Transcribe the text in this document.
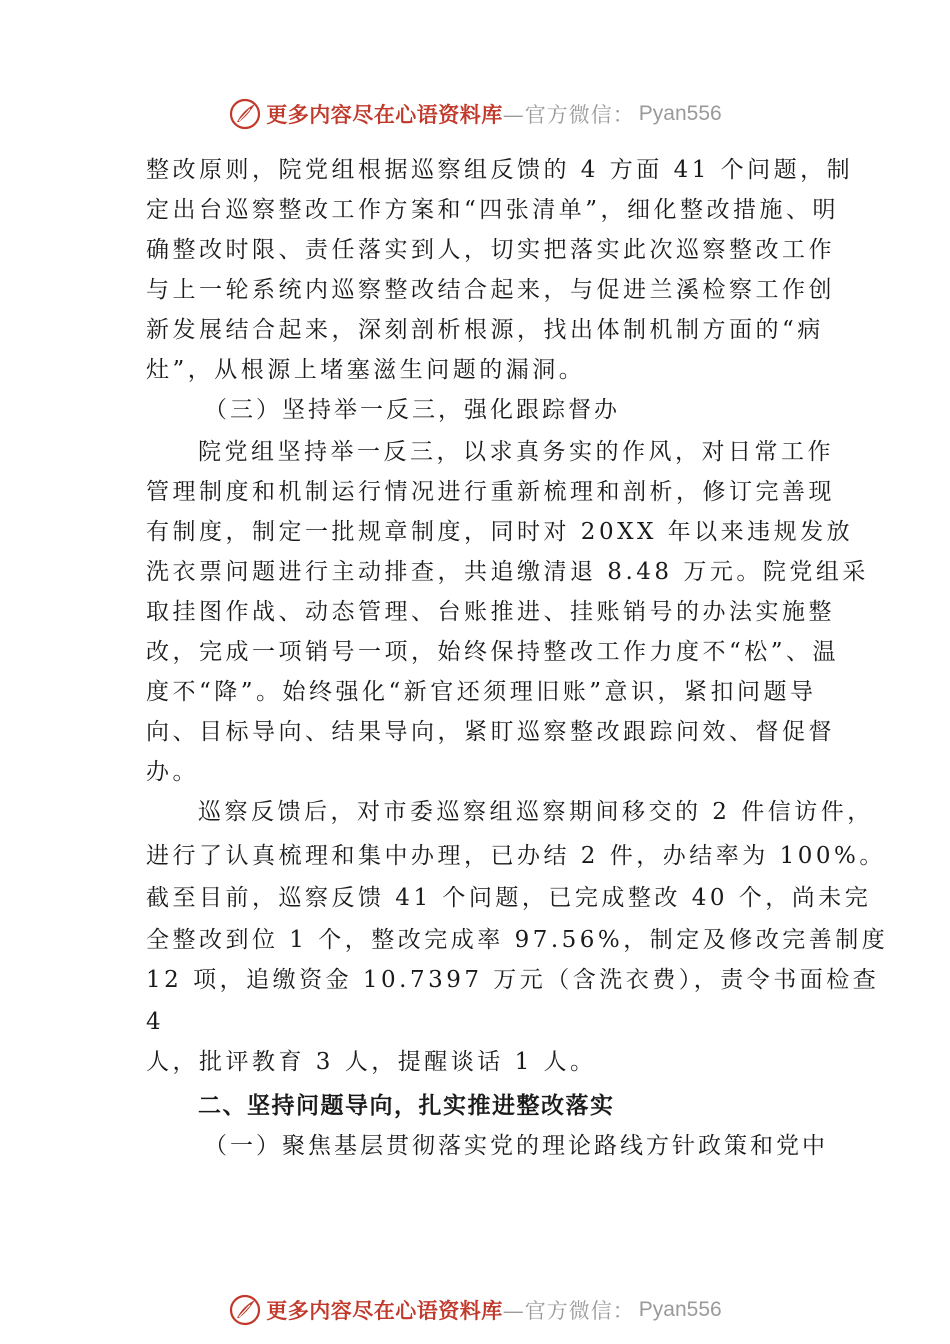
更多内容尽在心语资料库 —官方微信： Pyan556
整改原则，院党组根据巡察组反馈的 4 方面 41 个问题，制
定出台巡察整改工作方案和“四张清单”，细化整改措施、明
确整改时限、责任落实到人，切实把落实此次巡察整改工作
与上一轮系统内巡察整改结合起来，与促进兰溪检察工作创
新发展结合起来，深刻剖析根源，找出体制机制方面的“病
灶”，从根源上堵塞滋生问题的漏洞。
（三）坚持举一反三，强化跟踪督办
院党组坚持举一反三，以求真务实的作风，对日常工作
管理制度和机制运行情况进行重新梳理和剖析，修订完善现
有制度，制定一批规章制度，同时对 20XX 年以来违规发放
洗衣票问题进行主动排查，共追缴清退 8.48 万元。院党组采
取挂图作战、动态管理、台账推进、挂账销号的办法实施整
改，完成一项销号一项，始终保持整改工作力度不“松”、温
度不“降”。始终强化“新官还须理旧账”意识，紧扣问题导
向、目标导向、结果导向，紧盯巡察整改跟踪问效、督促督
办。
巡察反馈后，对市委巡察组巡察期间移交的 2 件信访件，
进行了认真梳理和集中办理，已办结 2 件，办结率为 100%。
截至目前，巡察反馈 41 个问题，已完成整改 40 个，尚未完
全整改到位 1 个，整改完成率 97.56%，制定及修改完善制度
12 项，追缴资金 10.7397 万元（含洗衣费），责令书面检查
4
人，批评教育 3 人，提醒谈话 1 人。
二、坚持问题导向，扎实推进整改落实
（一）聚焦基层贯彻落实党的理论路线方针政策和党中
更多内容尽在心语资料库 —官方微信： Pyan556
